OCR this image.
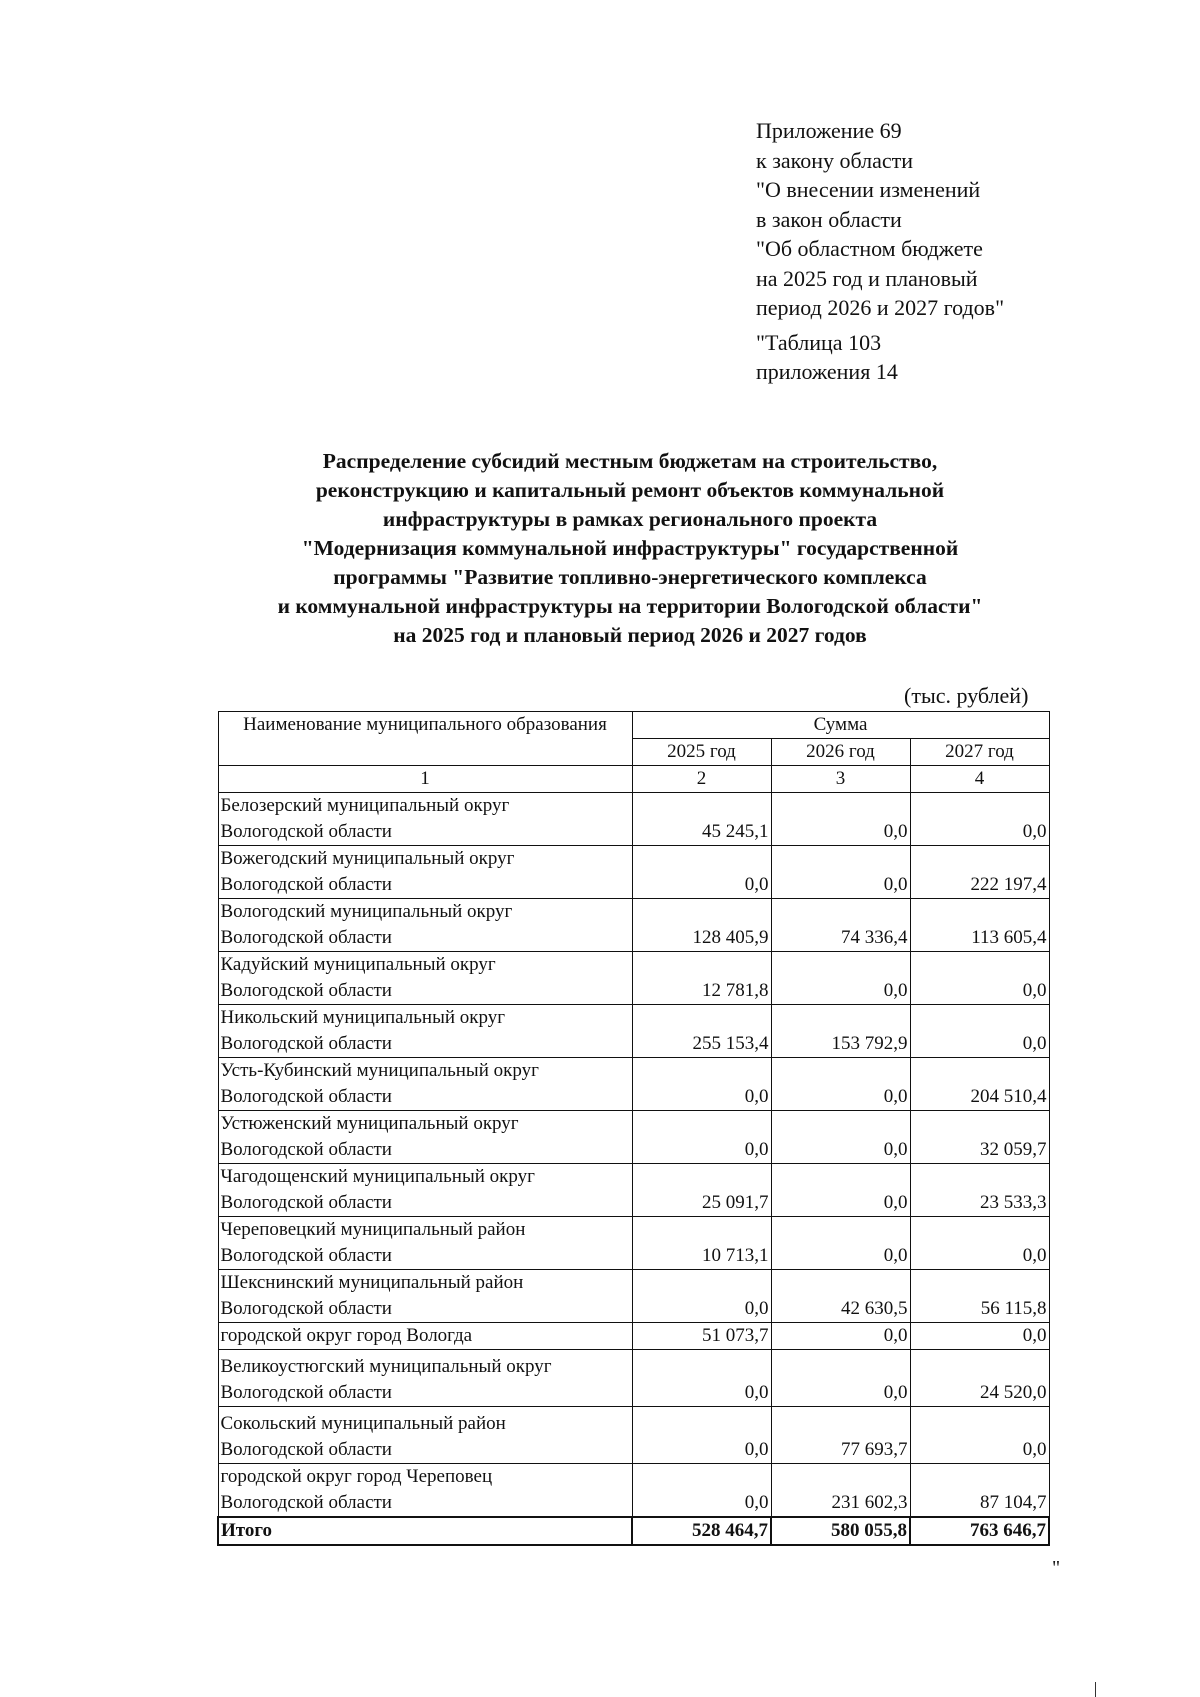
Приложение 69
к закону области
"О внесении изменений
в закон области
"Об областном бюджете
на 2025 год и плановый
период 2026 и 2027 годов"
"Таблица 103
приложения 14
Распределение субсидий местным бюджетам на строительство,
реконструкцию и капитальный ремонт объектов коммунальной
инфраструктуры в рамках регионального проекта
"Модернизация коммунальной инфраструктуры" государственной
программы "Развитие топливно-энергетического комплекса
и коммунальной инфраструктуры на территории Вологодской области"
на 2025 год и плановый период 2026 и 2027 годов
(тыс. рублей)
Наименование муниципального образования	Сумма		
	2025 год	2026 год	2027 год
1	2	3	4

Белозерский муниципальный округ
Вологодской области	45 245,1	0,0	0,0

Вожегодский муниципальный округ
Вологодской области	0,0	0,0	222 197,4

Вологодский муниципальный округ
Вологодской области	128 405,9	74 336,4	113 605,4

Кадуйский муниципальный округ
Вологодской области	12 781,8	0,0	0,0

Никольский муниципальный округ
Вологодской области	255 153,4	153 792,9	0,0

Усть-Кубинский муниципальный округ
Вологодской области	0,0	0,0	204 510,4

Устюженский муниципальный округ
Вологодской области	0,0	0,0	32 059,7

Чагодощенский муниципальный округ
Вологодской области	25 091,7	0,0	23 533,3

Череповецкий муниципальный район
Вологодской области	10 713,1	0,0	0,0

Шекснинский муниципальный район
Вологодской области	0,0	42 630,5	56 115,8

городской округ город Вологда	51 073,7	0,0	0,0

Великоустюгский муниципальный округ
Вологодской области	0,0	0,0	24 520,0

Сокольский муниципальный район
Вологодской области	0,0	77 693,7	0,0

городской округ город Череповец
Вологодской области	0,0	231 602,3	87 104,7
Итого	528 464,7	580 055,8	763 646,7
"
